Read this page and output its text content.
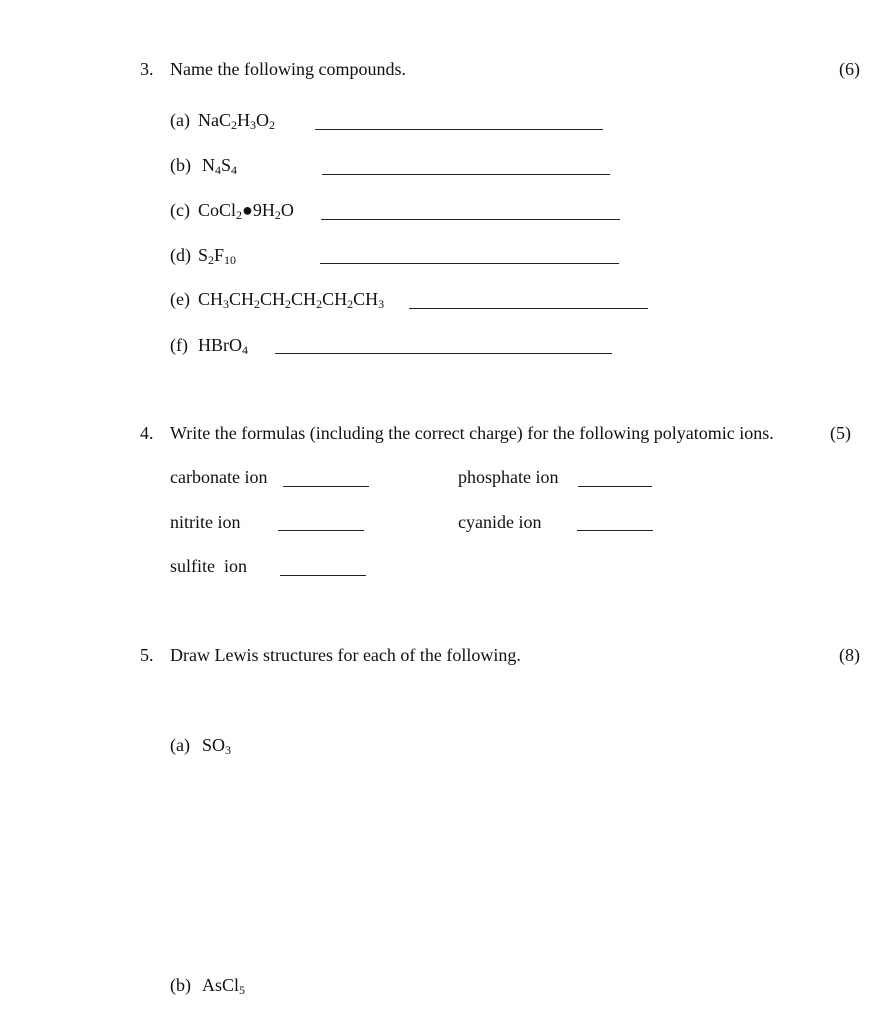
3. Name the following compounds.	(6)
(a) $NaC_2H_3O_2$
(b) $N_4S_4$
(c) $CoCl_2●9H_2O$
(d) $S_2F_{10}$
(e) $CH_3CH_2CH_2CH_2CH_2CH_3$
(f) HBrO$_4$
4. Write the formulas (including the correct charge) for the following polyatomic ions.	(5)
carbonate ion	phosphate ion
nitrite ion	cyanide ion
sulfite  ion
5. Draw Lewis structures for each of the following.	(8)
(a) $SO_3$
(b) AsCl$_5$
